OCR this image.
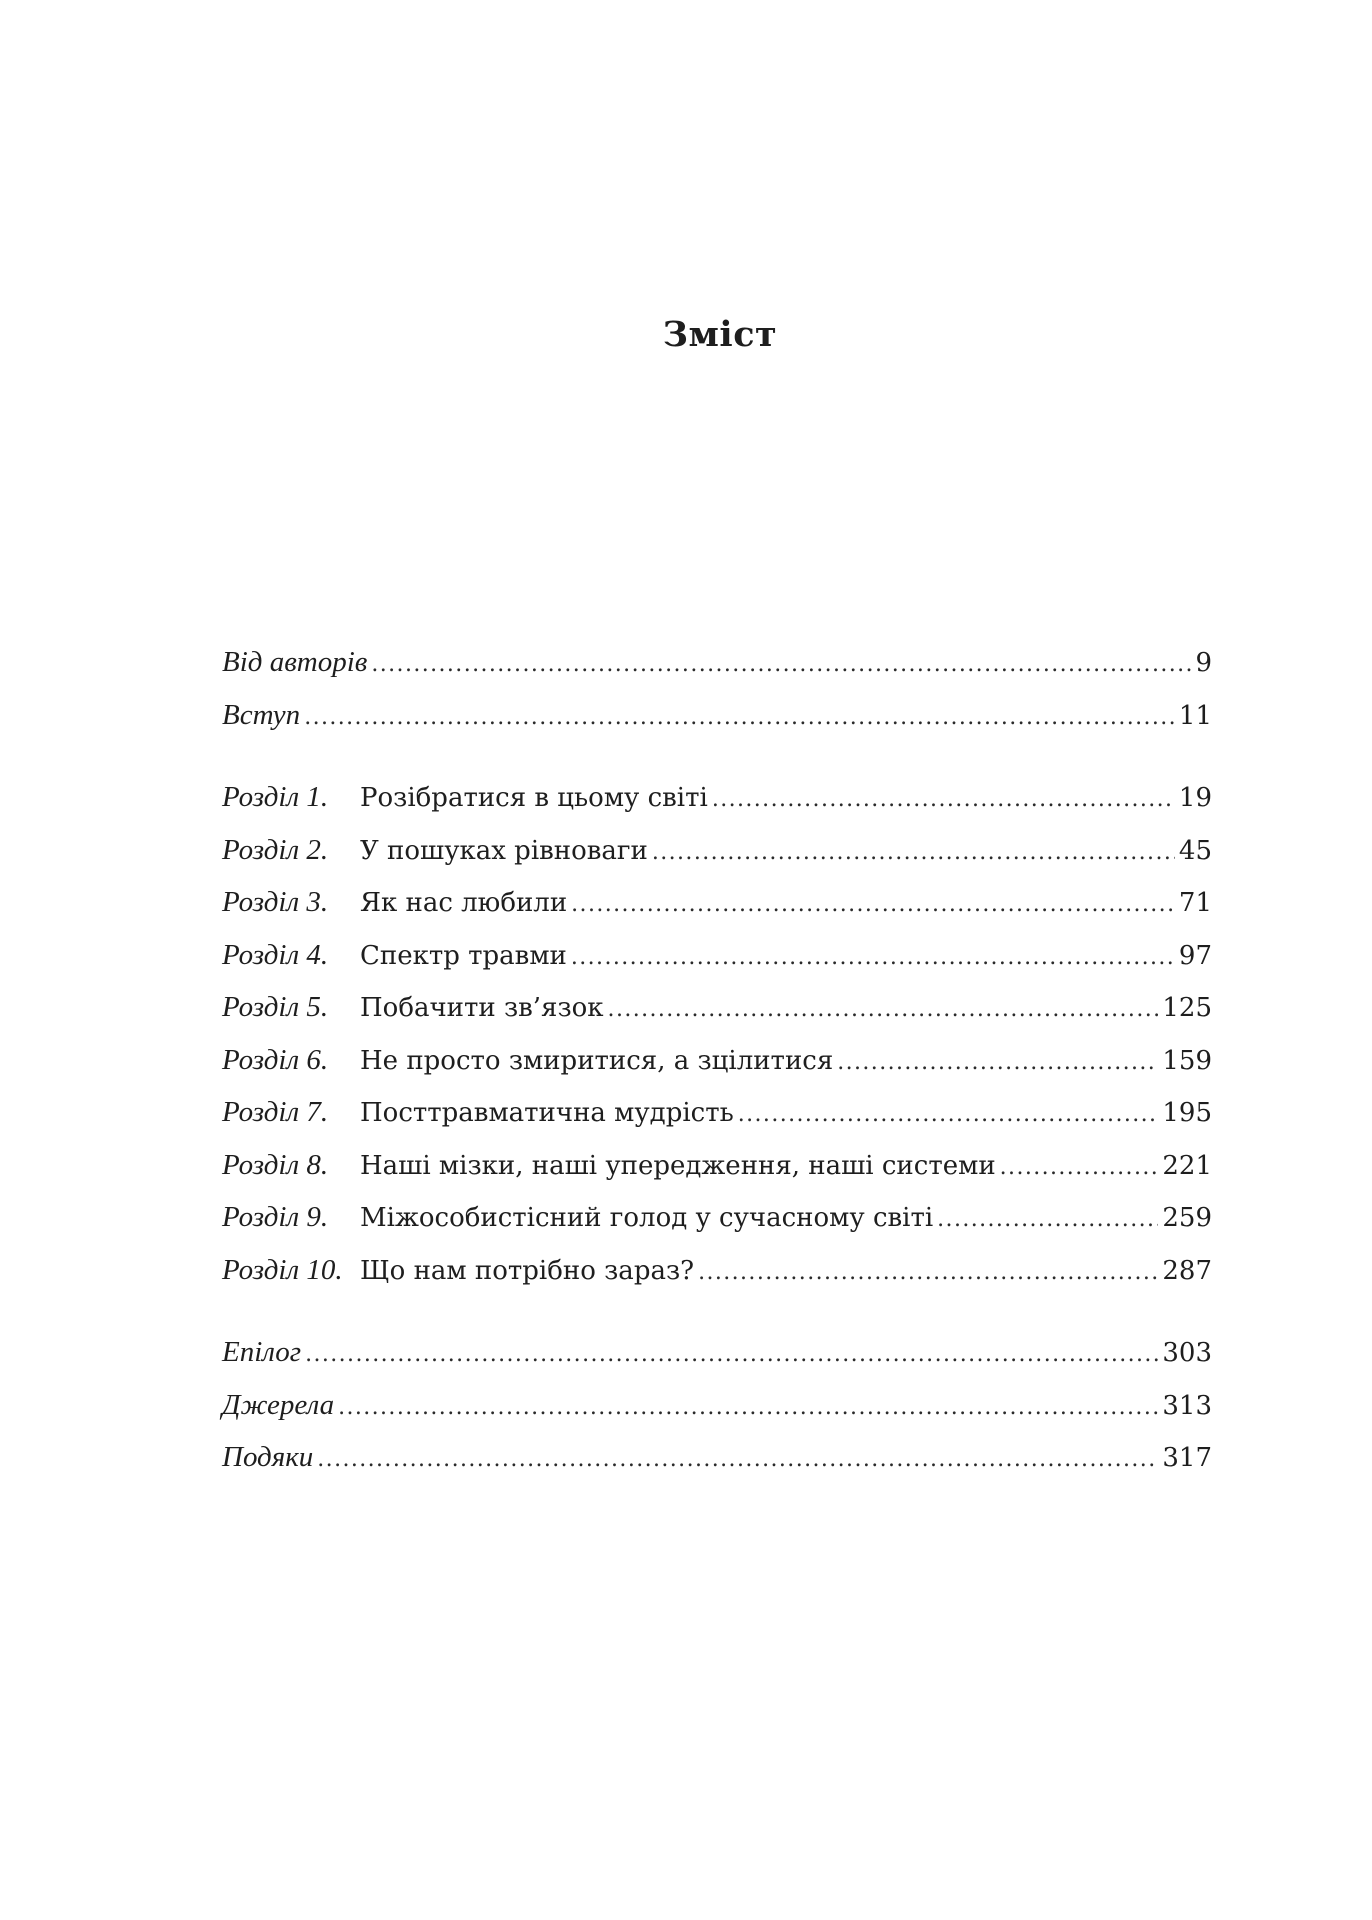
Зміст
Від авторів .....	9
Вступ .....	11
Розділ 1.	Розібратися в цьому світі .....	19
Розділ 2.	У пошуках рівноваги .....	45
Розділ 3.	Як нас любили .....	71
Розділ 4.	Спектр травми .....	97
Розділ 5.	Побачити зв’язок .....	125
Розділ 6.	Не просто змиритися, а зцілитися .....	159
Розділ 7.	Посттравматична мудрість .....	195
Розділ 8.	Наші мізки, наші упередження, наші системи .....	221
Розділ 9.	Міжособистісний голод у сучасному світі .....	259
Розділ 10. Що нам потрібно зараз? .....	287
Епілог .....	303
Джерела .....	313
Подяки .....	317
